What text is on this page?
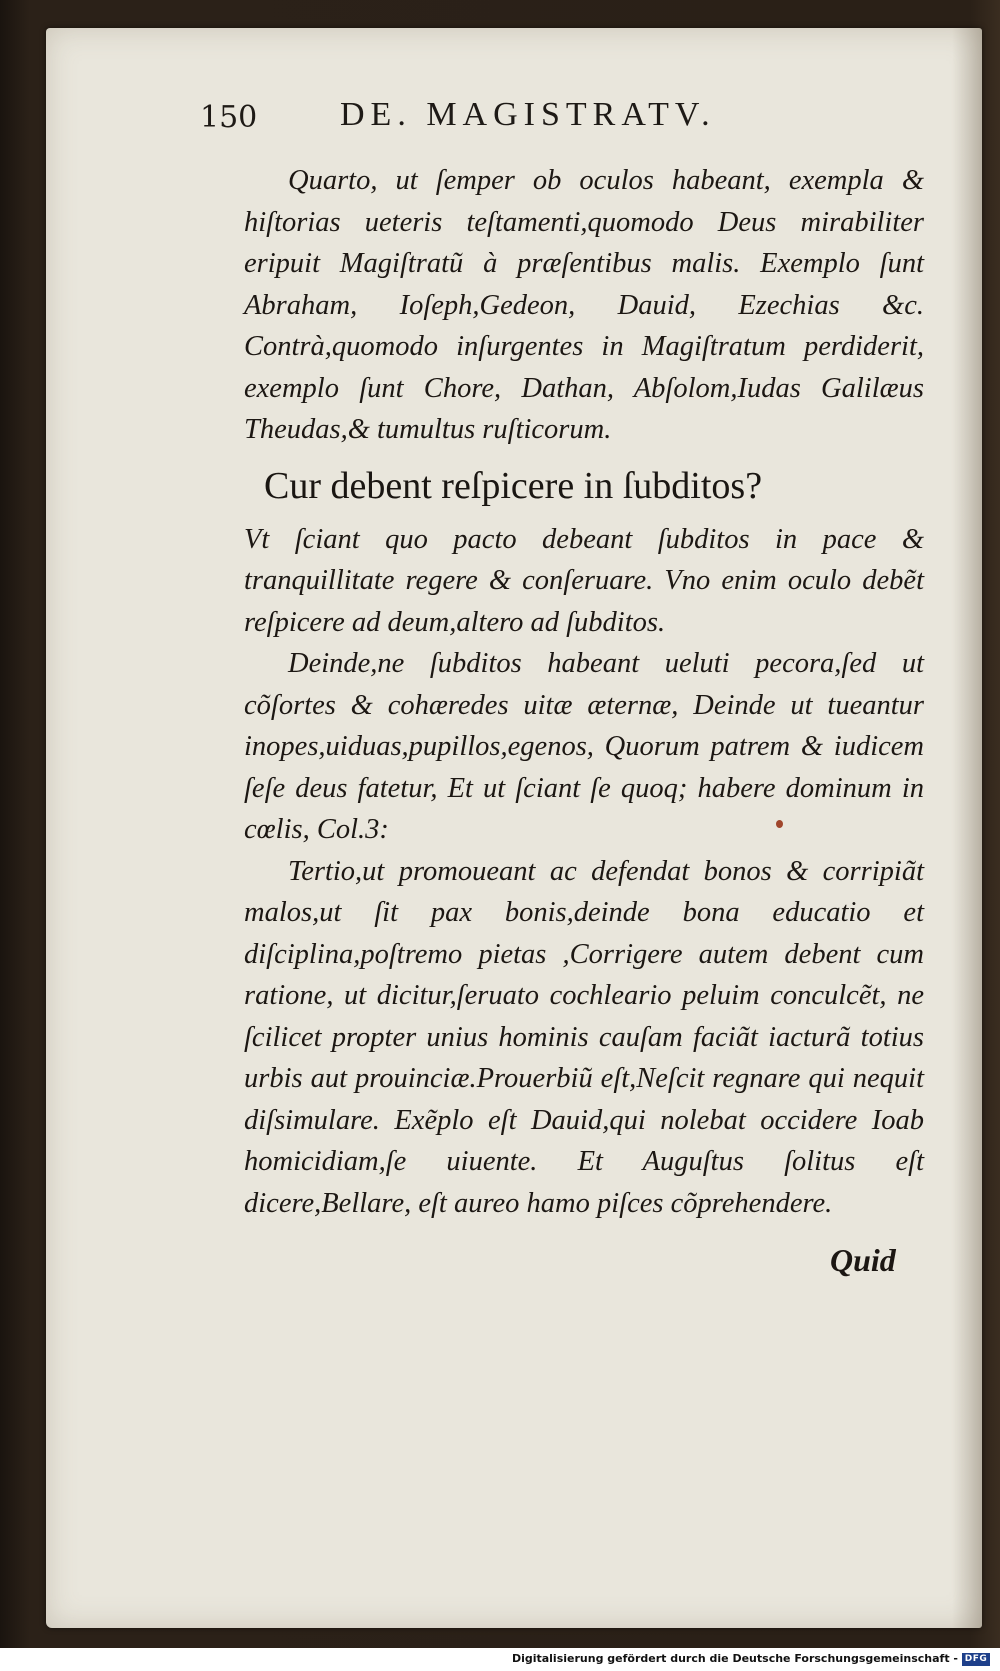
150 DE. MAGISTRATV.

Quarto, ut ſemper ob oculos habeant, exempla & hiſtorias ueteris teſtamenti,quomodo Deus mirabiliter eripuit Magiſtratũ à præſentibus malis. Exemplo ſunt Abraham, Ioſeph,Gedeon, Dauid, Ezechias &c. Contrà,quomodo inſurgentes in Magiſtratum perdiderit, exemplo ſunt Chore, Dathan, Abſolom,Iudas Galilæus Theudas,& tumultus ruſticorum.

Cur debent reſpicere in ſubditos?

Vt ſciant quo pacto debeant ſubditos in pace & tranquillitate regere & conſeruare. Vno enim oculo debẽt reſpicere ad deum,altero ad ſubditos.

Deinde,ne ſubditos habeant ueluti pecora,ſed ut cõſortes & cohæredes uitæ æternæ, Deinde ut tueantur inopes,uiduas,pupillos,egenos, Quorum patrem & iudicem ſeſe deus fatetur, Et ut ſciant ſe quoq; habere dominum in cœlis, Col.3:

Tertio,ut promoueant ac defendat bonos & corripiãt malos,ut ſit pax bonis,deinde bona educatio et diſciplina,poſtremo pietas ,Corrigere autem debent cum ratione, ut dicitur,ſeruato cochleario peluim conculcẽt, ne ſcilicet propter unius hominis cauſam faciãt iacturã totius urbis aut prouinciæ.Prouerbiũ eſt,Neſcit regnare qui nequit diſsimulare. Exẽplo eſt Dauid,qui nolebat occidere Ioab homicidiam,ſe uiuente. Et Auguſtus ſolitus eſt dicere,Bellare, eſt aureo hamo piſces cõprehendere.

Quid
Digitalisierung gefördert durch die Deutsche Forschungsgemeinschaft - DFG
